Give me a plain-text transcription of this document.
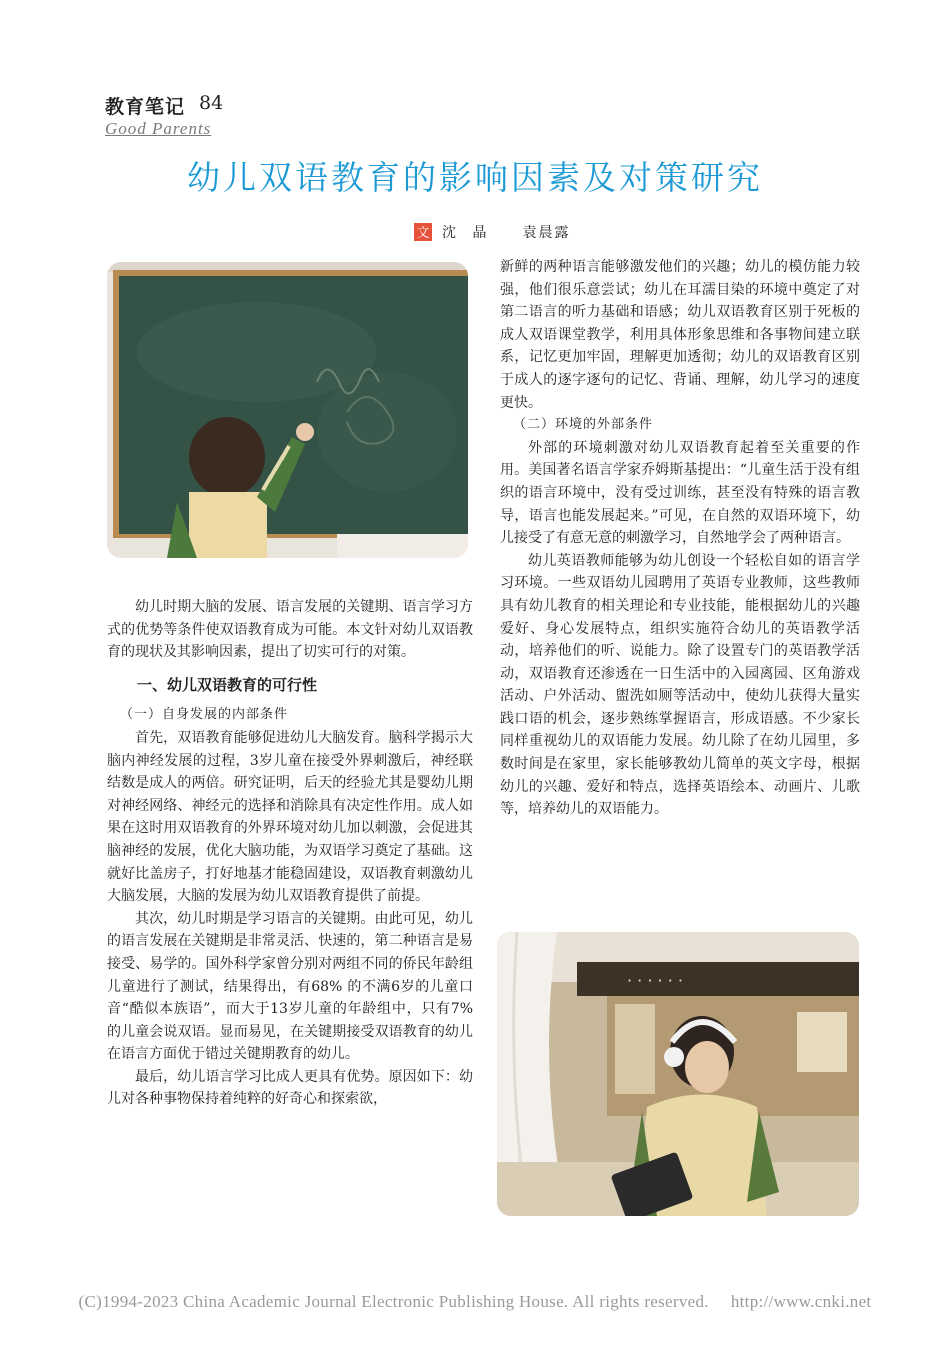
教育笔记 84
Good Parents
幼儿双语教育的影响因素及对策研究
文 沈 晶 袁晨露

幼儿时期大脑的发展、语言发展的关键期、语言学习方式的优势等条件使双语教育成为可能。本文针对幼儿双语教育的现状及其影响因素，提出了切实可行的对策。

一、幼儿双语教育的可行性

（一）自身发展的内部条件

首先，双语教育能够促进幼儿大脑发育。脑科学揭示大脑内神经发展的过程，3岁儿童在接受外界刺激后，神经联结数是成人的两倍。研究证明，后天的经验尤其是婴幼儿期对神经网络、神经元的选择和消除具有决定性作用。成人如果在这时用双语教育的外界环境对幼儿加以刺激，会促进其脑神经的发展，优化大脑功能，为双语学习奠定了基础。这就好比盖房子，打好地基才能稳固建设，双语教育刺激幼儿大脑发展，大脑的发展为幼儿双语教育提供了前提。

其次，幼儿时期是学习语言的关键期。由此可见，幼儿的语言发展在关键期是非常灵活、快速的，第二种语言是易接受、易学的。国外科学家曾分别对两组不同的侨民年龄组儿童进行了测试，结果得出，有68% 的不满6岁的儿童口音“酷似本族语”，而大于13岁儿童的年龄组中，只有7% 的儿童会说双语。显而易见，在关键期接受双语教育的幼儿在语言方面优于错过关键期教育的幼儿。

最后，幼儿语言学习比成人更具有优势。原因如下：幼儿对各种事物保持着纯粹的好奇心和探索欲，

新鲜的两种语言能够激发他们的兴趣；幼儿的模仿能力较强，他们很乐意尝试；幼儿在耳濡目染的环境中奠定了对第二语言的听力基础和语感；幼儿双语教育区别于死板的成人双语课堂教学，利用具体形象思维和各事物间建立联系，记忆更加牢固，理解更加透彻；幼儿的双语教育区别于成人的逐字逐句的记忆、背诵、理解，幼儿学习的速度更快。

（二）环境的外部条件

外部的环境刺激对幼儿双语教育起着至关重要的作用。美国著名语言学家乔姆斯基提出：“儿童生活于没有组织的语言环境中，没有受过训练，甚至没有特殊的语言教导，语言也能发展起来。”可见，在自然的双语环境下，幼儿接受了有意无意的刺激学习，自然地学会了两种语言。

幼儿英语教师能够为幼儿创设一个轻松自如的语言学习环境。一些双语幼儿园聘用了英语专业教师，这些教师具有幼儿教育的相关理论和专业技能，能根据幼儿的兴趣爱好、身心发展特点，组织实施符合幼儿的英语教学活动，培养他们的听、说能力。除了设置专门的英语教学活动，双语教育还渗透在一日生活中的入园离园、区角游戏活动、户外活动、盥洗如厕等活动中，使幼儿获得大量实践口语的机会，逐步熟练掌握语言，形成语感。不少家长同样重视幼儿的双语能力发展。幼儿除了在幼儿园里，多数时间是在家里，家长能够教幼儿简单的英文字母，根据幼儿的兴趣、爱好和特点，选择英语绘本、动画片、儿歌等，培养幼儿的双语能力。

· · · · · ·
(C)1994-2023 China Academic Journal Electronic Publishing House. All rights reserved. http://www.cnki.net
